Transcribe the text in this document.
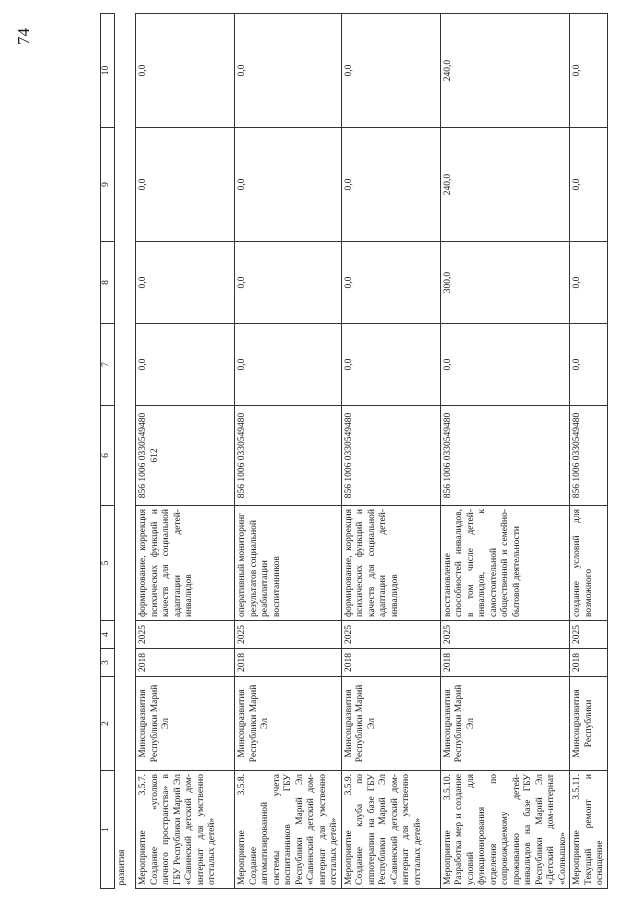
74
1	2	3	4	5	6	7	8	9	10
развития									
Мероприятие 3.5.7. Создание «уголков личного пространства» в ГБУ Республики Марий Эл «Савинский детский дом-интернат для умственно отсталых детей»	Минсоцразвития Республики Марий Эл	2018	2025	формирование, коррекция психических функций и качеств для социальной адаптации детей-инвалидов	856 1006 0330549480 612	0,0	0,0	0,0	0,0
Мероприятие 3.5.8. Создание автоматизированной системы учета воспитанников ГБУ Республики Марий Эл «Савинский детский дом-интернат для умственно отсталых детей»	Минсоцразвития Республики Марий Эл	2018	2025	оперативный мониторинг результатов социальной реабилитации воспитанников	856 1006 0330549480	0,0	0,0	0,0	0,0
Мероприятие 3.5.9. Создание клуба по иппотерапии на базе ГБУ Республики Марий Эл «Савинский детский дом-интернат для умственно отсталых детей»	Минсоцразвития Республики Марий Эл	2018	2025	формирование, коррекция психических функций и качеств для социальной адаптации детей-инвалидов	856 1006 0330549480	0,0	0,0	0,0	0,0
Мероприятие 3.5.10. Разработка мер и создание условий для функционирования отделения по сопровождаемому проживанию детей-инвалидов на базе ГБУ Республики Марий Эл «Детский дом-интернат «Солнышко»	Минсоцразвития Республики Марий Эл	2018	2025	восстановление способностей инвалидов, в том числе детей-инвалидов, к самостоятельной общественной и семейно-бытовой деятельности	856 1006 0330549480	0,0	300,0	240,0	240,0
Мероприятие 3.5.11. Текущий ремонт и оснащение	Минсоцразвития Республики	2018	2025	создание условий для возможного	856 1006 0330549480	0,0	0,0	0,0	0,0
